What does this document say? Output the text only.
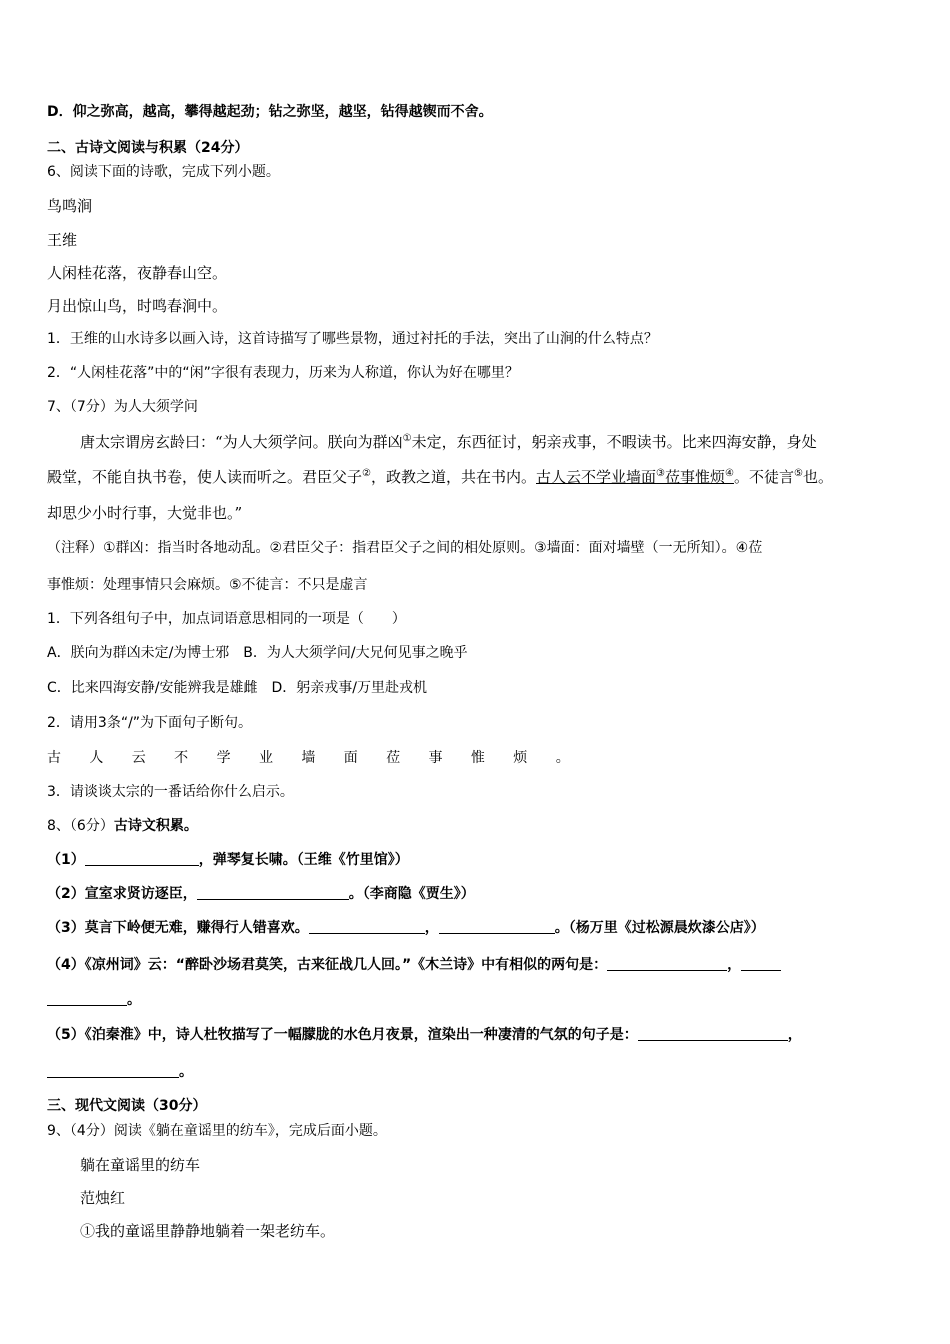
D．仰之弥高，越高，攀得越起劲；钻之弥坚，越坚，钻得越锲而不舍。
二、古诗文阅读与积累（24分）
6、阅读下面的诗歌，完成下列小题。
鸟鸣涧
王维
人闲桂花落，夜静春山空。
月出惊山鸟，时鸣春涧中。
1．王维的山水诗多以画入诗，这首诗描写了哪些景物，通过衬托的手法，突出了山涧的什么特点？
2．“人闲桂花落”中的“闲”字很有表现力，历来为人称道，你认为好在哪里？
7、（7分）为人大须学问
唐太宗谓房玄龄曰：“为人大须学问。朕向为群凶①未定，东西征讨，躬亲戎事，不暇读书。比来四海安静，身处
殿堂，不能自执书卷，使人读而听之。君臣父子②，政教之道，共在书内。古人云不学业墙面③莅事惟烦④。不徒言⑤也。
却思少小时行事，大觉非也。”
（注释）①群凶：指当时各地动乱。②君臣父子：指君臣父子之间的相处原则。③墙面：面对墙壁（一无所知）。④莅
事惟烦：处理事情只会麻烦。⑤不徒言：不只是虚言
1．下列各组句子中，加点词语意思相同的一项是（　　）
A．朕向为群凶未定/为博士邪　B．为人大须学问/大兄何见事之晚乎
C．比来四海安静/安能辨我是雄雌　D．躬亲戎事/万里赴戎机
2．请用3条“/”为下面句子断句。
古 人 云 不 学 业 墙 面 莅 事 惟 烦 。
3．请谈谈太宗的一番话给你什么启示。
8、（6分）古诗文积累。
（1）	，弹琴复长啸。（王维《竹里馆》）
（2）宣室求贤访逐臣，	。（李商隐《贾生》）
（3）莫言下岭便无难，赚得行人错喜欢。	，	。（杨万里《过松源晨炊漆公店》）
（4）《凉州词》云：“醉卧沙场君莫笑，古来征战几人回。”《木兰诗》中有相似的两句是：	，
。
（5）《泊秦淮》中，诗人杜牧描写了一幅朦胧的水色月夜景，渲染出一种凄清的气氛的句子是：	，
。
三、现代文阅读（30分）
9、（4分）阅读《躺在童谣里的纺车》，完成后面小题。
躺在童谣里的纺车
范烛红
①我的童谣里静静地躺着一架老纺车。
